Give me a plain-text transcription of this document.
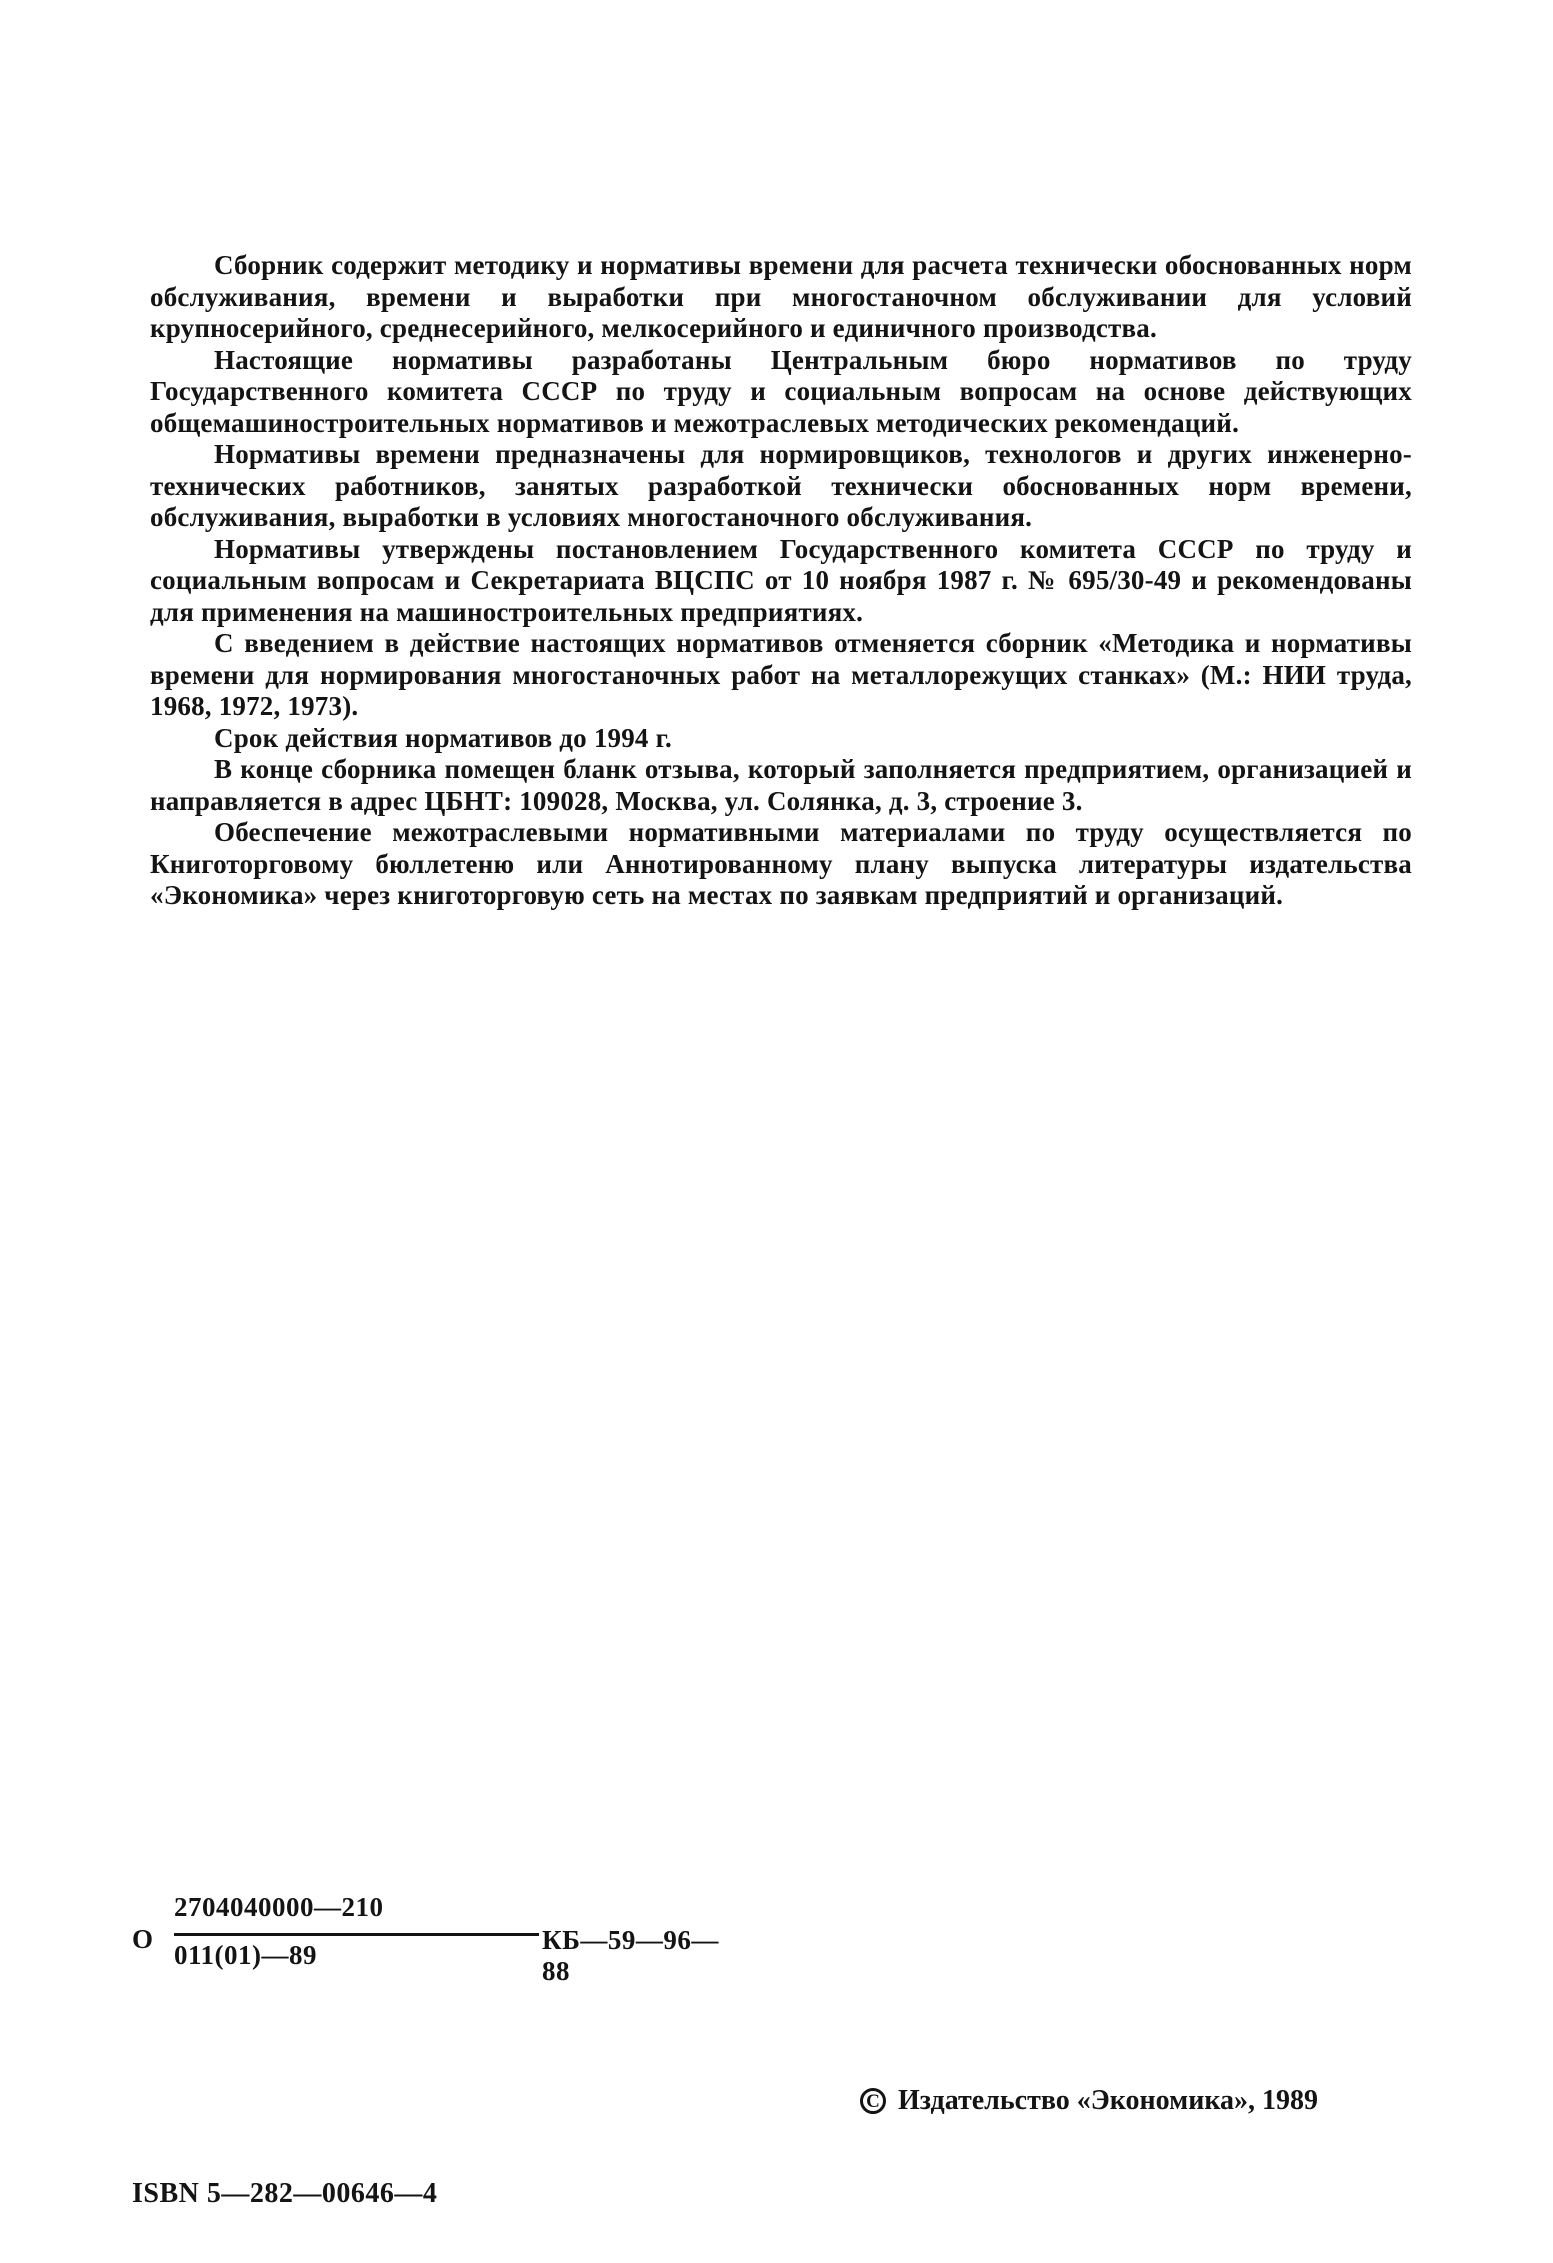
Сборник содержит методику и нормативы времени для расчета технически обоснованных норм обслуживания, времени и выработки при многостаночном обслуживании для условий крупносерийного, среднесерийного, мелкосерийного и единичного производства.

Настоящие нормативы разработаны Центральным бюро нормативов по труду Государственного комитета СССР по труду и социальным вопросам на основе действующих общемашиностроительных нормативов и межотраслевых методических рекомендаций.

Нормативы времени предназначены для нормировщиков, технологов и других инженерно-технических работников, занятых разработкой технически обоснованных норм времени, обслуживания, выработки в условиях многостаночного обслуживания.

Нормативы утверждены постановлением Государственного комитета СССР по труду и социальным вопросам и Секретариата ВЦСПС от 10 ноября 1987 г. № 695/30-49 и рекомендованы для применения на машиностроительных предприятиях.

С введением в действие настоящих нормативов отменяется сборник «Методика и нормативы времени для нормирования многостаночных работ на металлорежущих станках» (М.: НИИ труда, 1968, 1972, 1973).

Срок действия нормативов до 1994 г.

В конце сборника помещен бланк отзыва, который заполняется предприятием, организацией и направляется в адрес ЦБНТ: 109028, Москва, ул. Солянка, д. 3, строение 3.

Обеспечение межотраслевыми нормативными материалами по труду осуществляется по Книготорговому бюллетеню или Аннотированному плану выпуска литературы издательства «Экономика» через книготорговую сеть на местах по заявкам предприятий и организаций.

О
2704040000—210
011(01)—89	КБ—59—96—88
C Издательство «Экономика», 1989
ISBN 5—282—00646—4
